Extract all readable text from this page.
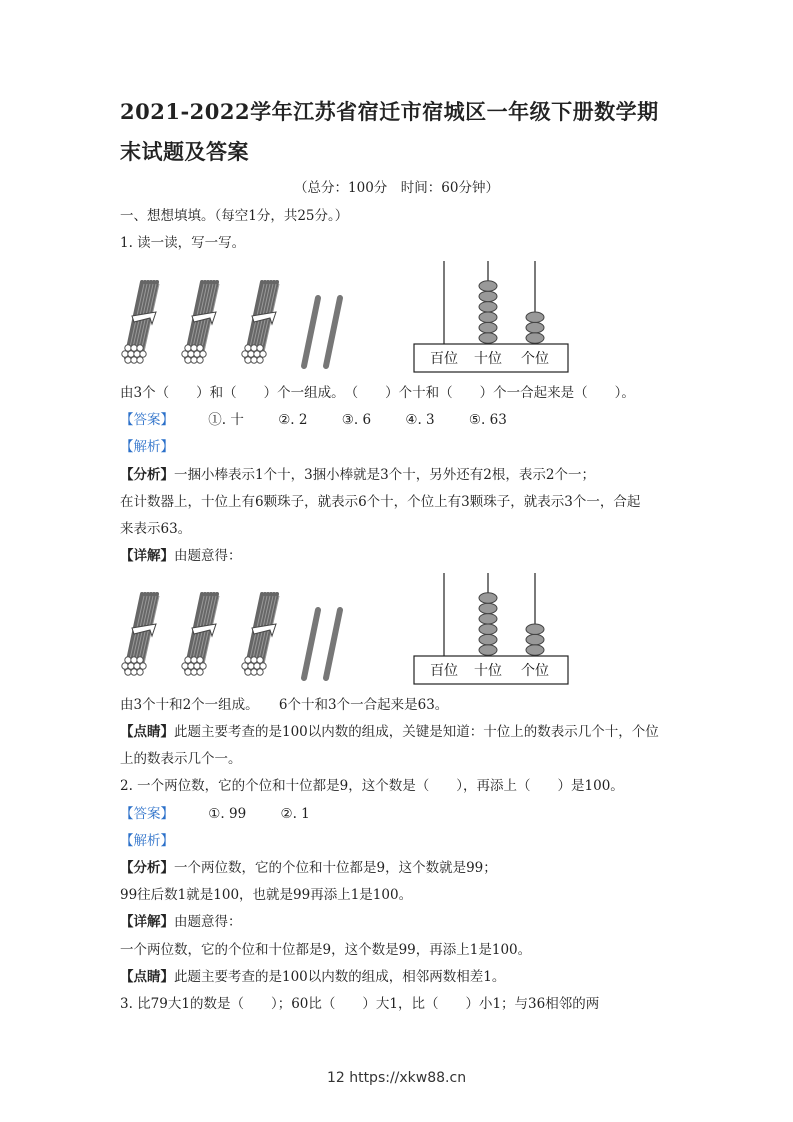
2021-2022学年江苏省宿迁市宿城区一年级下册数学期末试题及答案
（总分：100分　时间：60分钟）
一、想想填填。（每空1分，共25分。）
1. 读一读，写一写。
百位 十位 个位
由3个（　　）和（　　）个一组成。　（　　）个十和（　　）个一合起来是（　　）。
【答案】	①. 十	②. 2	③. 6	④. 3	⑤. 63
【解析】
【分析】一捆小棒表示1个十，3捆小棒就是3个十，另外还有2根，表示2个一；
在计数器上，十位上有6颗珠子，就表示6个十，个位上有3颗珠子，就表示3个一，合起
来表示63。
【详解】由题意得：
百位 十位 个位
由3个十和2个一组成。　　6个十和3个一合起来是63。
【点睛】此题主要考查的是100以内数的组成，关键是知道：十位上的数表示几个十，个位
上的数表示几个一。
2. 一个两位数，它的个位和十位都是9，这个数是（　　），再添上（　　）是100。
【答案】	①. 99	②. 1
【解析】
【分析】一个两位数，它的个位和十位都是9，这个数就是99；
99往后数1就是100，也就是99再添上1是100。
【详解】由题意得：
一个两位数，它的个位和十位都是9，这个数是99，再添上1是100。
【点睛】此题主要考查的是100以内数的组成，相邻两数相差1。
3. 比79大1的数是（　　）；60比（　　）大1，比（　　）小1；与36相邻的两
12 https://xkw88.cn
